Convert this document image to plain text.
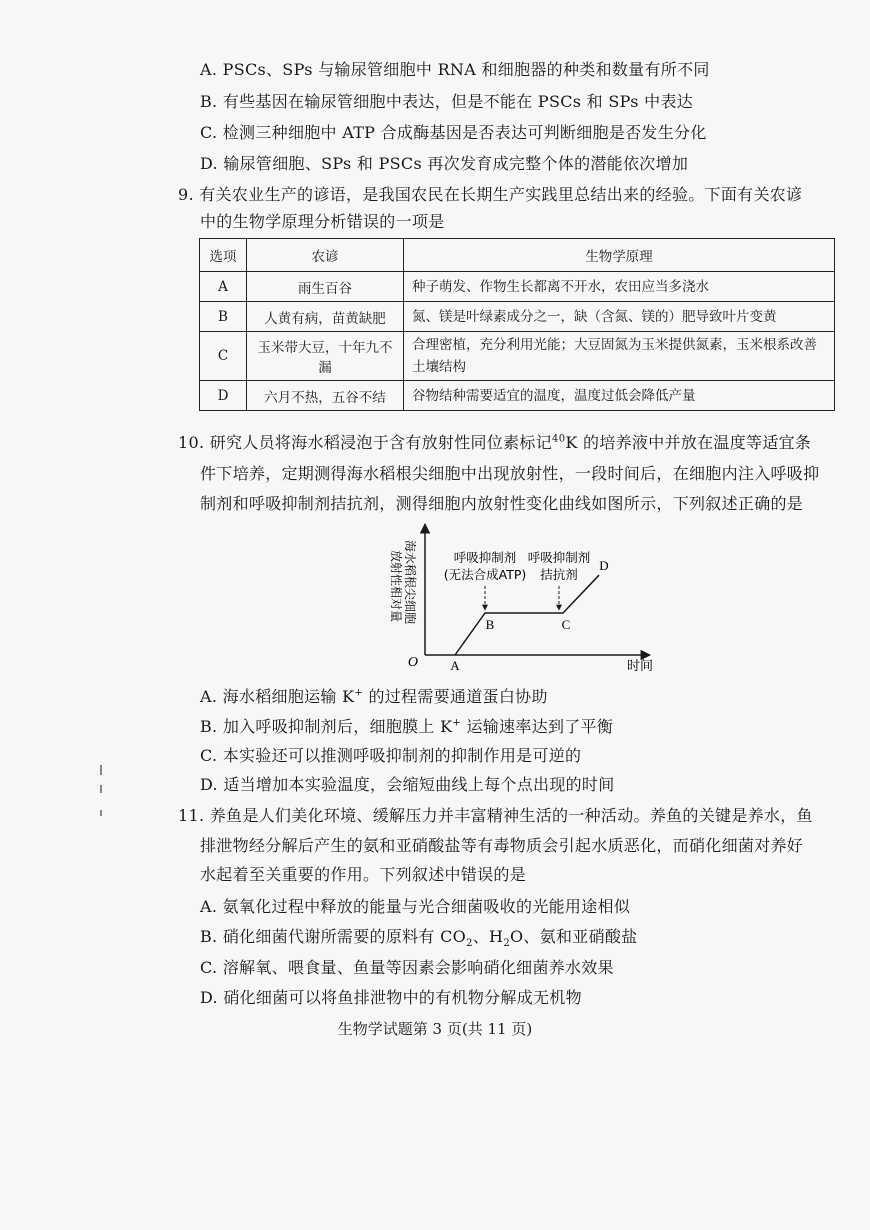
A. PSCs、SPs 与输尿管细胞中 RNA 和细胞器的种类和数量有所不同
B. 有些基因在输尿管细胞中表达，但是不能在 PSCs 和 SPs 中表达
C. 检测三种细胞中 ATP 合成酶基因是否表达可判断细胞是否发生分化
D. 输尿管细胞、SPs 和 PSCs 再次发育成完整个体的潜能依次增加
9. 有关农业生产的谚语，是我国农民在长期生产实践里总结出来的经验。下面有关农谚
中的生物学原理分析错误的一项是
选项	农谚	生物学原理
A	雨生百谷	种子萌发、作物生长都离不开水，农田应当多浇水
B	人黄有病，苗黄缺肥	氮、镁是叶绿素成分之一，缺（含氮、镁的）肥导致叶片变黄
C	玉米带大豆，十年九不漏	合理密植，充分利用光能；大豆固氮为玉米提供氮素，玉米根系改善土壤结构
D	六月不热，五谷不结	谷物结种需要适宜的温度，温度过低会降低产量
10. 研究人员将海水稻浸泡于含有放射性同位素标记$^{40}$K 的培养液中并放在温度等适宜条
件下培养，定期测得海水稻根尖细胞中出现放射性，一段时间后，在细胞内注入呼吸抑
制剂和呼吸抑制剂拮抗剂，测得细胞内放射性变化曲线如图所示，下列叙述正确的是
O	时间
海水稻根尖细胞
放射性相对量
A
B	C
D
呼吸抑制剂
(无法合成ATP)
呼吸抑制剂
拮抗剂
A. 海水稻细胞运输 K+ 的过程需要通道蛋白协助
B. 加入呼吸抑制剂后，细胞膜上 K+ 运输速率达到了平衡
C. 本实验还可以推测呼吸抑制剂的抑制作用是可逆的
D. 适当增加本实验温度，会缩短曲线上每个点出现的时间
11. 养鱼是人们美化环境、缓解压力并丰富精神生活的一种活动。养鱼的关键是养水，鱼
排泄物经分解后产生的氨和亚硝酸盐等有毒物质会引起水质恶化，而硝化细菌对养好
水起着至关重要的作用。下列叙述中错误的是
A. 氨氧化过程中释放的能量与光合细菌吸收的光能用途相似
B. 硝化细菌代谢所需要的原料有 $CO_2$、$H_2O$、氨和亚硝酸盐
C. 溶解氧、喂食量、鱼量等因素会影响硝化细菌养水效果
D. 硝化细菌可以将鱼排泄物中的有机物分解成无机物
生物学试题第 3 页(共 11 页)
